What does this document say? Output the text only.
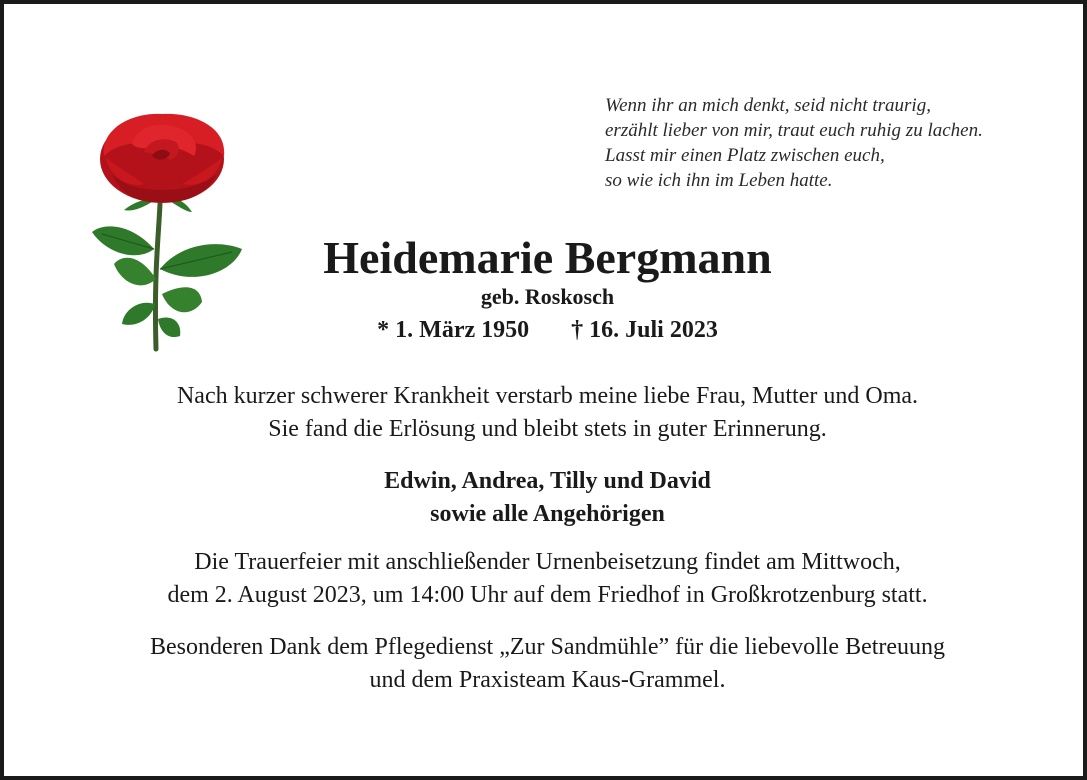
Wenn ihr an mich denkt, seid nicht traurig,
erzählt lieber von mir, traut euch ruhig zu lachen.
Lasst mir einen Platz zwischen euch,
so wie ich ihn im Leben hatte.
Heidemarie Bergmann
geb. Roskosch
* 1. März 1950 † 16. Juli 2023
Nach kurzer schwerer Krankheit verstarb meine liebe Frau, Mutter und Oma.
Sie fand die Erlösung und bleibt stets in guter Erinnerung.
Edwin, Andrea, Tilly und David
sowie alle Angehörigen
Die Trauerfeier mit anschließender Urnenbeisetzung findet am Mittwoch,
dem 2. August 2023, um 14:00 Uhr auf dem Friedhof in Großkrotzenburg statt.
Besonderen Dank dem Pflegedienst „Zur Sandmühle” für die liebevolle Betreuung
und dem Praxisteam Kaus-Grammel.
